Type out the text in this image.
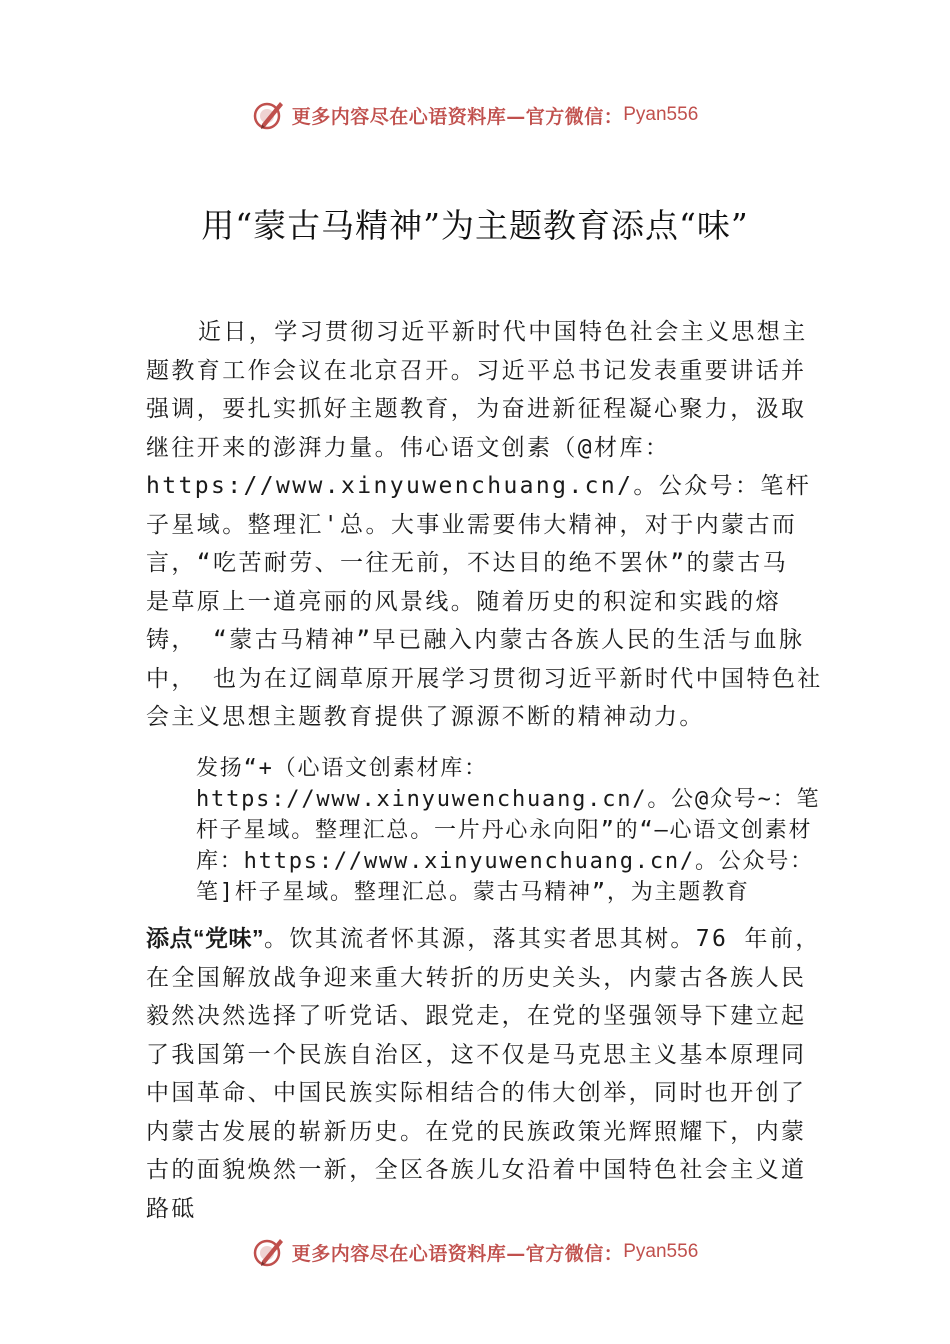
更多内容尽在心语资料库—官方微信： Pyan556
用“蒙古马精神”为主题教育添点“味”
近日，学习贯彻习近平新时代中国特色社会主义思想主题教育工作会议在北京召开。习近平总书记发表重要讲话并强调，要扎实抓好主题教育，为奋进新征程凝心聚力，汲取继往开来的澎湃力量。伟心语文创素（@材库：https://www.xinyuwenchuang.cn/。公众号：笔杆子星域。整理汇'总。大事业需要伟大精神，对于内蒙古而言，“吃苦耐劳、一往无前，不达目的绝不罢休”的蒙古马 是草原上一道亮丽的风景线。随着历史的积淀和实践的熔铸， “蒙古马精神”早已融入内蒙古各族人民的生活与血脉中， 也为在辽阔草原开展学习贯彻习近平新时代中国特色社会主义思想主题教育提供了源源不断的精神动力。
发扬“+（心语文创素材库：https://www.xinyuwenchuang.cn/。公@众号~：笔杆子星域。整理汇总。一片丹心永向阳”的“—心语文创素材库：https://www.xinyuwenchuang.cn/。公众号：笔]杆子星域。整理汇总。蒙古马精神”，为主题教育
添点“党味”。饮其流者怀其源，落其实者思其树。76 年前，在全国解放战争迎来重大转折的历史关头，内蒙古各族人民毅然决然选择了听党话、跟党走，在党的坚强领导下建立起了我国第一个民族自治区，这不仅是马克思主义基本原理同中国革命、中国民族实际相结合的伟大创举，同时也开创了内蒙古发展的崭新历史。在党的民族政策光辉照耀下，内蒙古的面貌焕然一新，全区各族儿女沿着中国特色社会主义道路砥
更多内容尽在心语资料库—官方微信： Pyan556
